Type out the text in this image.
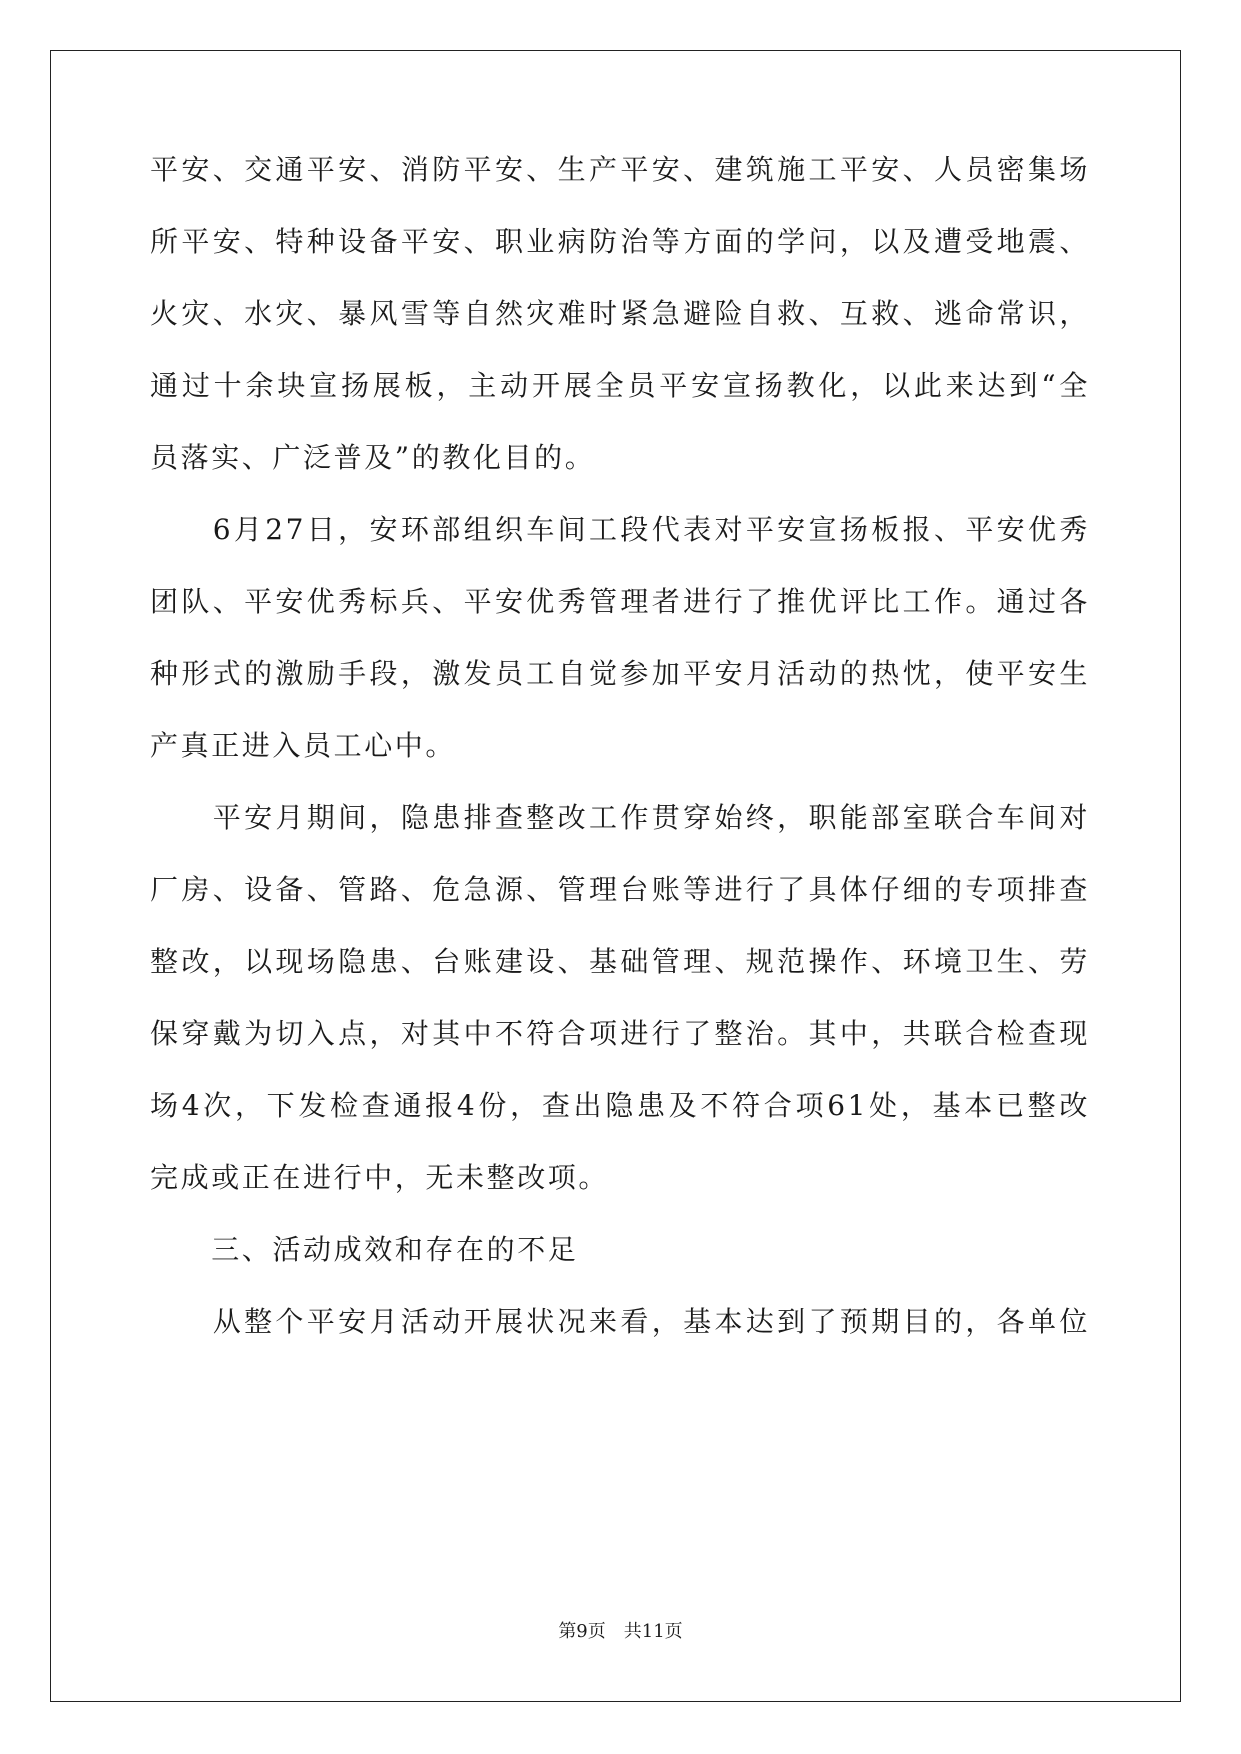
平安、交通平安、消防平安、生产平安、建筑施工平安、人员密集场
所平安、特种设备平安、职业病防治等方面的学问，以及遭受地震、
火灾、水灾、暴风雪等自然灾难时紧急避险自救、互救、逃命常识，
通过十余块宣扬展板，主动开展全员平安宣扬教化，以此来达到“全
员落实、广泛普及”的教化目的。
　　6月27日，安环部组织车间工段代表对平安宣扬板报、平安优秀
团队、平安优秀标兵、平安优秀管理者进行了推优评比工作。通过各
种形式的激励手段，激发员工自觉参加平安月活动的热忱，使平安生
产真正进入员工心中。
　　平安月期间，隐患排查整改工作贯穿始终，职能部室联合车间对
厂房、设备、管路、危急源、管理台账等进行了具体仔细的专项排查
整改，以现场隐患、台账建设、基础管理、规范操作、环境卫生、劳
保穿戴为切入点，对其中不符合项进行了整治。其中，共联合检查现
场4次，下发检查通报4份，查出隐患及不符合项61处，基本已整改
完成或正在进行中，无未整改项。
　　三、活动成效和存在的不足
　　从整个平安月活动开展状况来看，基本达到了预期目的，各单位
第9页　共11页
